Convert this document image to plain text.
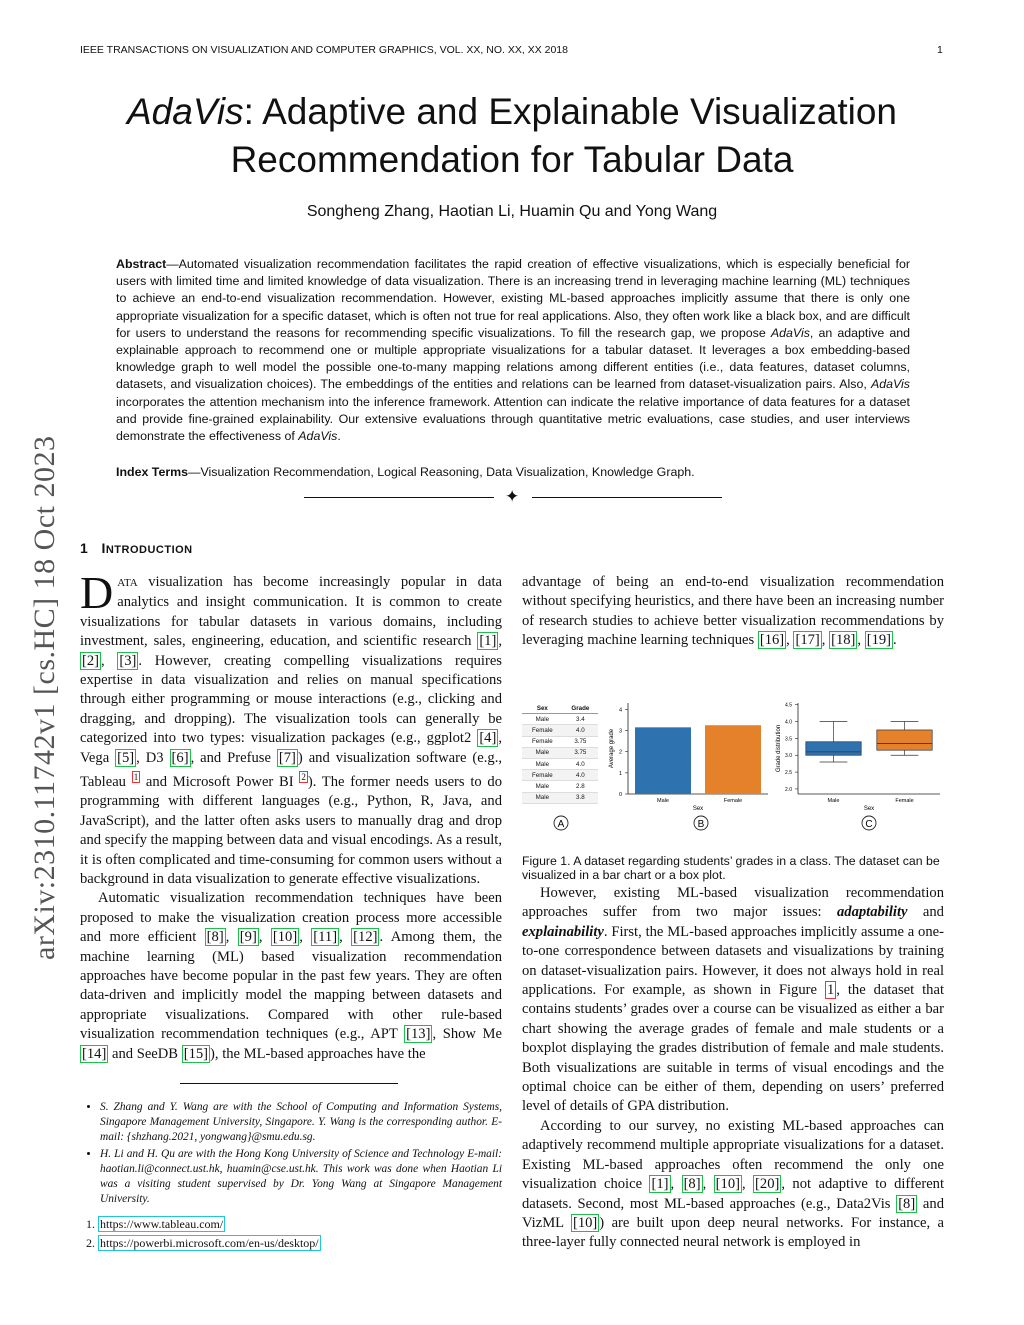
IEEE TRANSACTIONS ON VISUALIZATION AND COMPUTER GRAPHICS, VOL. XX, NO. XX, XX 2018	1
AdaVis: Adaptive and Explainable Visualization
Recommendation for Tabular Data
Songheng Zhang, Haotian Li, Huamin Qu and Yong Wang
Abstract—Automated visualization recommendation facilitates the rapid creation of effective visualizations, which is especially beneficial for users with limited time and limited knowledge of data visualization. There is an increasing trend in leveraging machine learning (ML) techniques to achieve an end-to-end visualization recommendation. However, existing ML-based approaches implicitly assume that there is only one appropriate visualization for a specific dataset, which is often not true for real applications. Also, they often work like a black box, and are difficult for users to understand the reasons for recommending specific visualizations. To fill the research gap, we propose AdaVis, an adaptive and explainable approach to recommend one or multiple appropriate visualizations for a tabular dataset. It leverages a box embedding-based knowledge graph to well model the possible one-to-many mapping relations among different entities (i.e., data features, dataset columns, datasets, and visualization choices). The embeddings of the entities and relations can be learned from dataset-visualization pairs. Also, AdaVis incorporates the attention mechanism into the inference framework. Attention can indicate the relative importance of data features for a dataset and provide fine-grained explainability. Our extensive evaluations through quantitative metric evaluations, case studies, and user interviews demonstrate the effectiveness of AdaVis.
Index Terms—Visualization Recommendation, Logical Reasoning, Data Visualization, Knowledge Graph.
✦
arXiv:2310.11742v1 [cs.HC] 18 Oct 2023 1 INTRODUCTION

DATA visualization has become increasingly popular in data analytics and insight communication. It is common to create visualizations for tabular datasets in various domains, including investment, sales, engineering, education, and scientific research [1] , [2] , [3] . However, creating compelling visualizations requires expertise in data visualization and relies on manual specifications through either programming or mouse interactions (e.g., clicking and dragging, and dropping). The visualization tools can generally be categorized into two types: visualization packages (e.g., ggplot2 [4] , Vega [5] , D3 [6] , and Prefuse [7] ) and visualization software (e.g., Tableau $^1$ and Microsoft Power BI $^2$ ). The former needs users to do programming with different languages (e.g., Python, R, Java, and JavaScript), and the latter often asks users to manually drag and drop and specify the mapping between data and visual encodings. As a result, it is often complicated and time-consuming for common users without a background in data visualization to generate effective visualizations.

Automatic visualization recommendation techniques have been proposed to make the visualization creation process more accessible and more efficient [8] , [9] , [10] , [11] , [12] . Among them, the machine learning (ML) based visualization recommendation approaches have become popular in the past few years. They are often data-driven and implicitly model the mapping between datasets and appropriate visualizations. Compared with other rule-based visualization recommendation techniques (e.g., APT [13] , Show Me [14] and SeeDB [15] ), the ML-based approaches have the

• S. Zhang and Y. Wang are with the School of Computing and Information Systems, Singapore Management University, Singapore. Y. Wang is the corresponding author. E-mail: {shzhang.2021, yongwang}@smu.edu.sg.
• H. Li and H. Qu are with the Hong Kong University of Science and Technology E-mail: haotian.li@connect.ust.hk, huamin@cse.ust.hk. This work was done when Haotian Li was a visiting student supervised by Dr. Yong Wang at Singapore Management University.
1. https://www.tableau.com/
2. https://powerbi.microsoft.com/en-us/desktop/

advantage of being an end-to-end visualization recommendation without specifying heuristics, and there have been an increasing number of research studies to achieve better visualization recommendations by leveraging machine learning techniques [16] , [17] , [18] , [19] .

Sex	Grade
Male	3.4
Female	4.0
Female	3.75
Male	3.75
Male	4.0
Female	4.0
Male	2.8
Male	3.8	0
1
2
3
4
Male	Female
Sex
Average grade
2.0
2.5
3.0
3.5
4.0
4.5
Male	Female
Sex
Grade distribution
A	B	C
Figure 1. A dataset regarding students’ grades in a class. The dataset can be visualized in a bar chart or a box plot.

However, existing ML-based visualization recommendation approaches suffer from two major issues: adaptability and explainability. First, the ML-based approaches implicitly assume a one-to-one correspondence between datasets and visualizations by training on dataset-visualization pairs. However, it does not always hold in real applications. For example, as shown in Figure 1 , the dataset that contains students’ grades over a course can be visualized as either a bar chart showing the average grades of female and male students or a boxplot displaying the grades distribution of female and male students. Both visualizations are suitable in terms of visual encodings and the optimal choice can be either of them, depending on users’ preferred level of details of GPA distribution.

According to our survey, no existing ML-based approaches can adaptively recommend multiple appropriate visualizations for a dataset. Existing ML-based approaches often recommend the only one visualization choice [1] , [8] , [10] , [20] , not adaptive to different datasets. Second, most ML-based approaches (e.g., Data2Vis [8] and VizML [10] ) are built upon deep neural networks. For instance, a three-layer fully connected neural network is employed in
